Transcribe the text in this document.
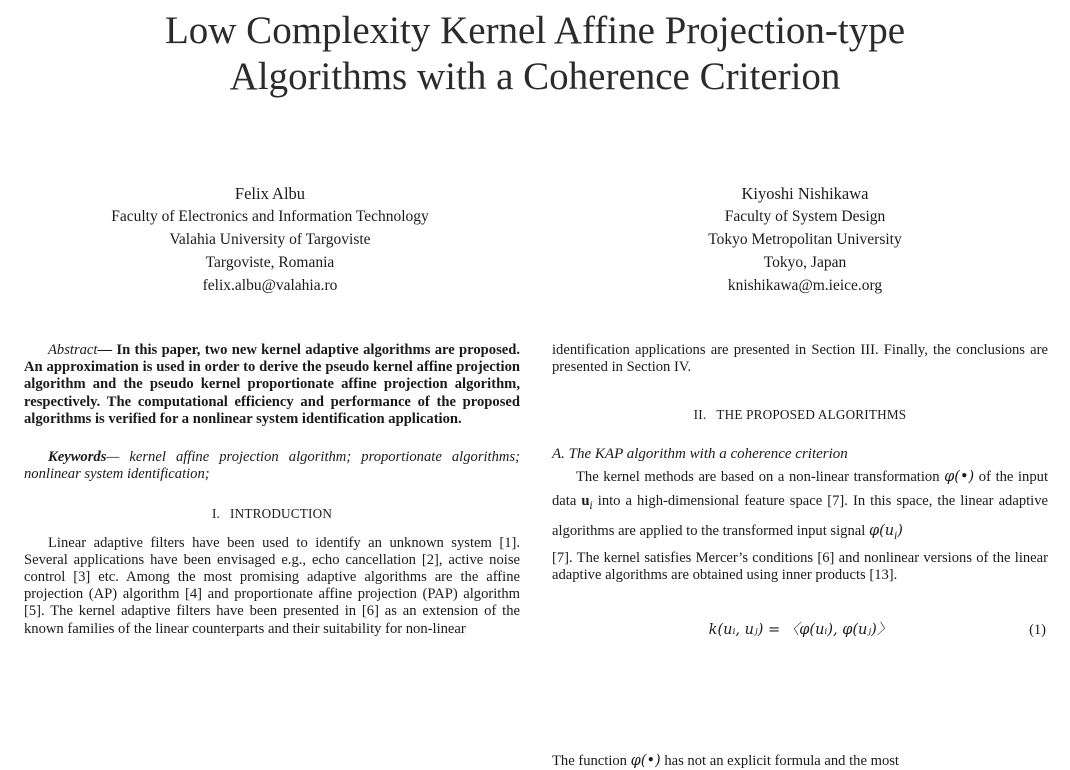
Low Complexity Kernel Affine Projection-type
Algorithms with a Coherence Criterion
Felix Albu
Faculty of Electronics and Information Technology
Valahia University of Targoviste
Targoviste, Romania
felix.albu@valahia.ro
Kiyoshi Nishikawa
Faculty of System Design
Tokyo Metropolitan University
Tokyo, Japan
knishikawa@m.ieice.org

Abstract— In this paper, two new kernel adaptive algorithms are proposed. An approximation is used in order to derive the pseudo kernel affine projection algorithm and the pseudo kernel proportionate affine projection algorithm, respectively. The computational efficiency and performance of the proposed algorithms is verified for a nonlinear system identification application.

Keywords— kernel affine projection algorithm; proportionate algorithms; nonlinear system identification;

I. INTRODUCTION

Linear adaptive filters have been used to identify an unknown system [1]. Several applications have been envisaged e.g., echo cancellation [2], active noise control [3] etc. Among the most promising adaptive algorithms are the affine projection (AP) algorithm [4] and proportionate affine projection (PAP) algorithm [5]. The kernel adaptive filters have been presented in [6] as an extension of the known families of the linear counterparts and their suitability for non-linear

identification applications are presented in Section III. Finally, the conclusions are presented in Section IV.

II. THE PROPOSED ALGORITHMS
A. The KAP algorithm with a coherence criterion

The kernel methods are based on a non-linear transformation φ(•) of the input data $u_i$ into a high-dimensional feature space [7]. In this space, the linear adaptive algorithms are applied to the transformed input signal $\varphi(u_i)$

[7]. The kernel satisfies Mercer’s conditions [6] and nonlinear versions of the linear adaptive algorithms are obtained using inner products [13].

k(uᵢ, uⱼ) = 〈φ(uᵢ), φ(uⱼ)〉	(1)
The function φ(•) has not an explicit formula and the most
